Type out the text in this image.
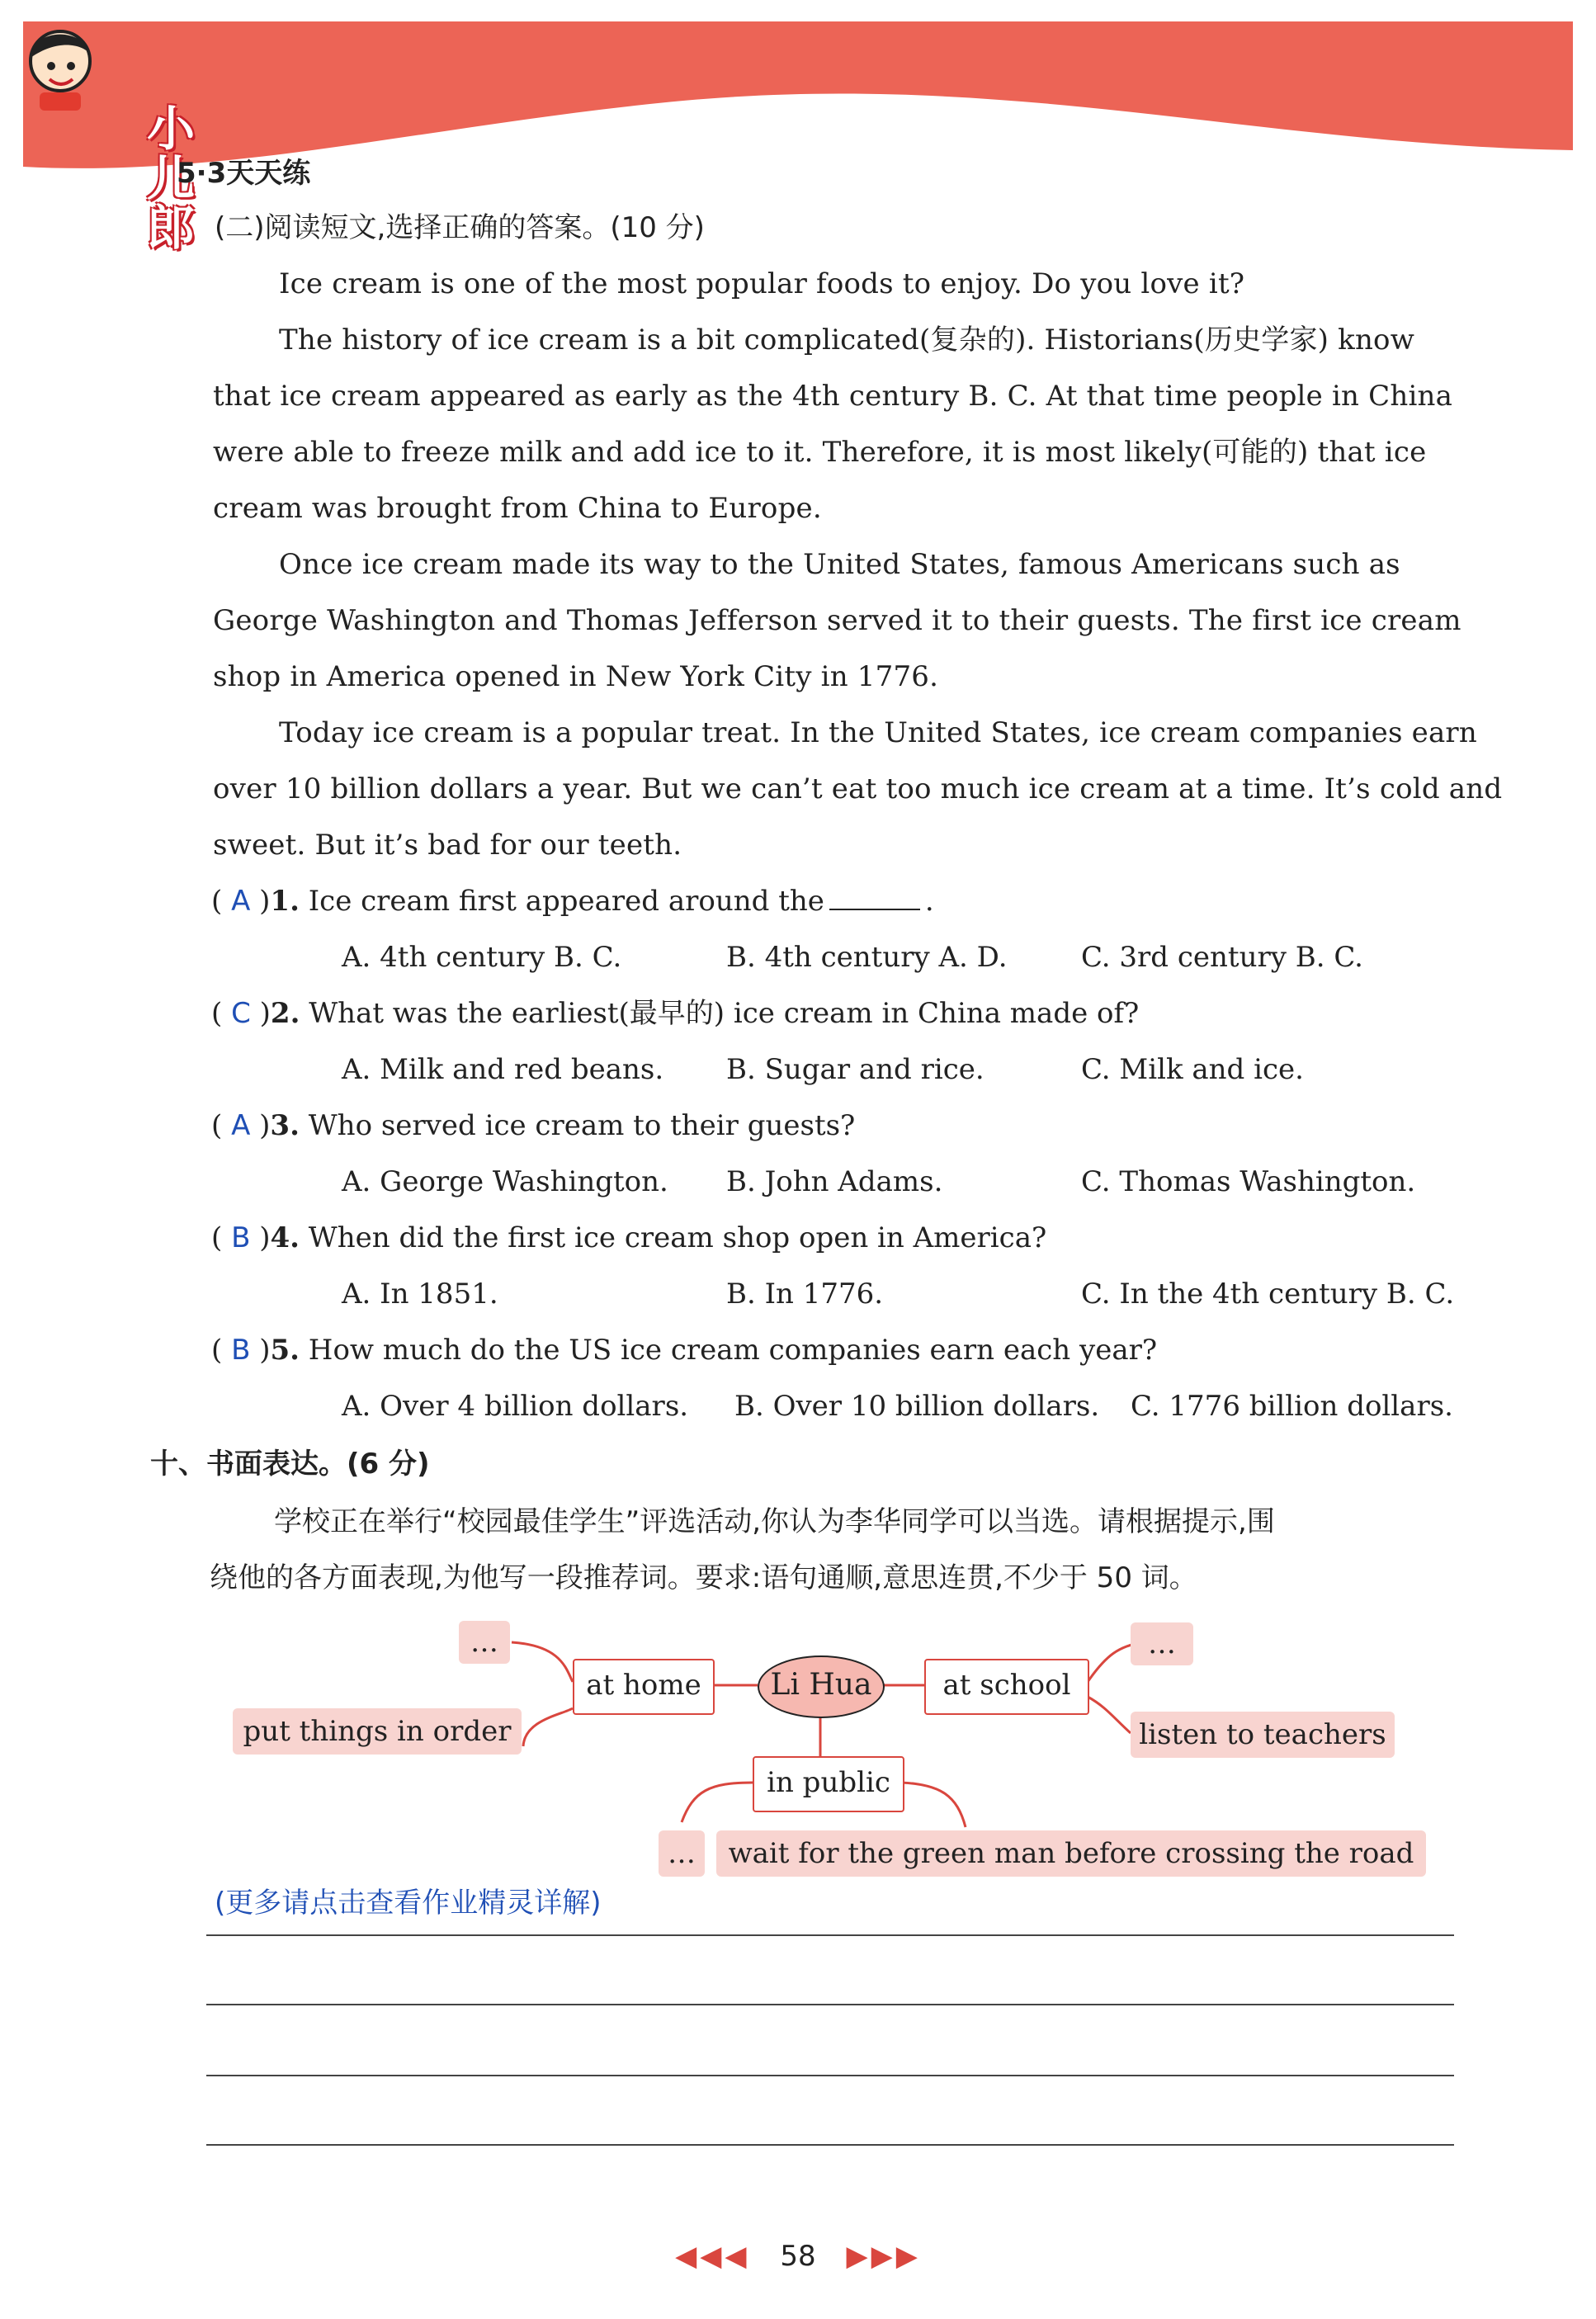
小儿郎
5·3天天练
(二)阅读短文,选择正确的答案。(10 分)
Ice cream is one of the most popular foods to enjoy. Do you love it?
The history of ice cream is a bit complicated(复杂的). Historians(历史学家) know
that ice cream appeared as early as the 4th century B. C. At that time people in China
were able to freeze milk and add ice to it. Therefore, it is most likely(可能的) that ice
cream was brought from China to Europe.
Once ice cream made its way to the United States, famous Americans such as
George Washington and Thomas Jefferson served it to their guests. The first ice cream
shop in America opened in New York City in 1776.
Today ice cream is a popular treat. In the United States, ice cream companies earn
over 10 billion dollars a year. But we can’t eat too much ice cream at a time. It’s cold and
sweet. But it’s bad for our teeth.
( A )1. Ice cream first appeared around the	.
A. 4th century B. C.	B. 4th century A. D.	C. 3rd century B. C.
( C )2. What was the earliest(最早的) ice cream in China made of?
A. Milk and red beans. B. Sugar and rice.	C. Milk and ice.
( A )3. Who served ice cream to their guests?
A. George Washington. B. John Adams.	C. Thomas Washington.
( B )4. When did the first ice cream shop open in America?
A. In 1851.	B. In 1776.	C. In the 4th century B. C.
( B )5. How much do the US ice cream companies earn each year?
A. Over 4 billion dollars. B. Over 10 billion dollars. C. 1776 billion dollars.
十、书面表达。(6 分)
学校正在举行“校园最佳学生”评选活动,你认为李华同学可以当选。请根据提示,围
绕他的各方面表现,为他写一段推荐词。要求:语句通顺,意思连贯,不少于 50 词。
…
put things in order
at home	Li Hua	at school
…
listen to teachers
in public
…	wait for the green man before crossing the road
(更多请点击查看作业精灵详解)
◀◀◀ 58 ▶▶▶
